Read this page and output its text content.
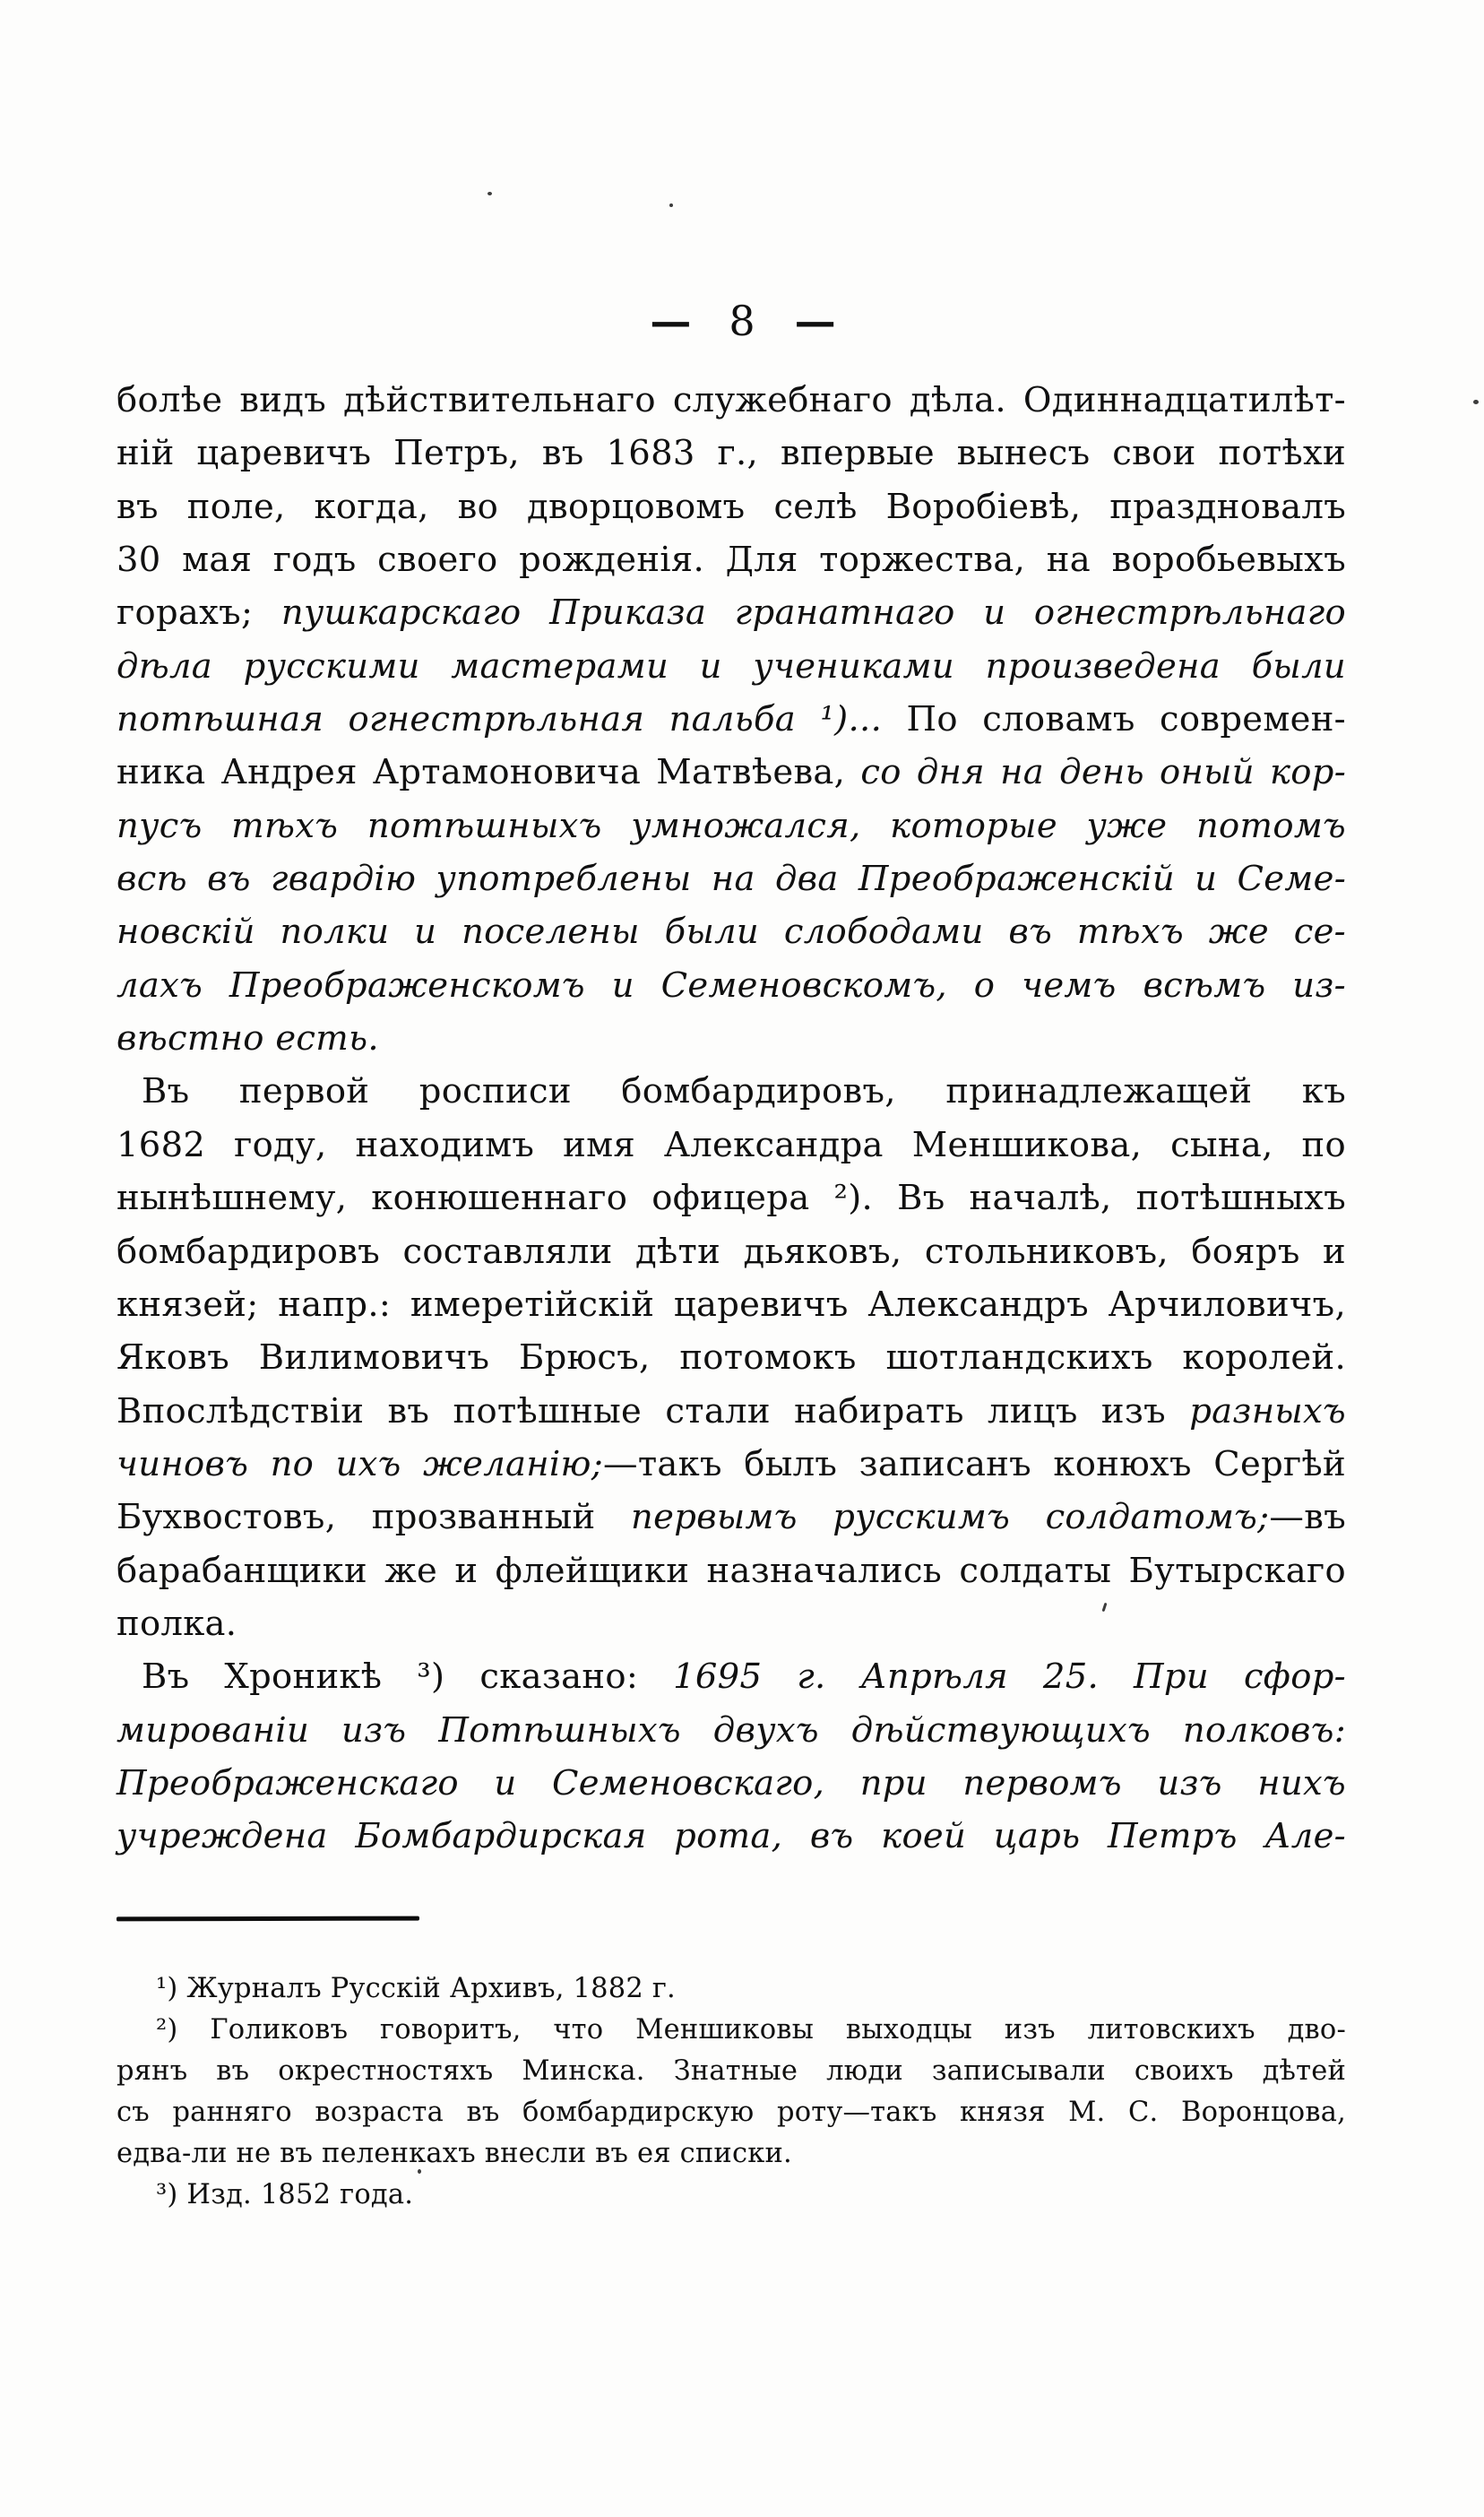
— 8 —
болѣе видъ дѣйствительнаго служебнаго дѣла. Одиннадцатилѣт-
ній царевичъ Петръ, въ 1683 г., впервые вынесъ свои потѣхи
въ поле, когда, во дворцовомъ селѣ Воробіевѣ, праздновалъ
30 мая годъ своего рожденія. Для торжества, на воробьевыхъ
горахъ; пушкарскаго Приказа гранатнаго и огнестрѣльнаго
дѣла русскими мастерами и учениками произведена были
потѣшная огнестрѣльная пальба ¹)... По словамъ современ-
ника Андрея Артамоновича Матвѣева, со дня на день оный кор-
пусъ тѣхъ потѣшныхъ умножался, которые уже потомъ
всѣ въ гвардію употреблены на два Преображенскій и Семе-
новскій полки и поселены были слободами въ тѣхъ же се-
лахъ Преображенскомъ и Семеновскомъ, о чемъ всѣмъ из-
вѣстно есть.
Въ первой росписи бомбардировъ, принадлежащей къ
1682 году, находимъ имя Александра Меншикова, сына, по
нынѣшнему, конюшеннаго офицера ²). Въ началѣ, потѣшныхъ
бомбардировъ составляли дѣти дьяковъ, стольниковъ, бояръ и
князей; напр.: имеретійскій царевичъ Александръ Арчиловичъ,
Яковъ Вилимовичъ Брюсъ, потомокъ шотландскихъ королей.
Впослѣдствіи въ потѣшные стали набирать лицъ изъ разныхъ
чиновъ по ихъ желанію;—такъ былъ записанъ конюхъ Сергѣй
Бухвостовъ, прозванный первымъ русскимъ солдатомъ;—въ
барабанщики же и флейщики назначались солдаты Бутырскаго
полка.
Въ Хроникѣ ³) сказано: 1695 г. Апрѣля 25. При сфор-
мированіи изъ Потѣшныхъ двухъ дѣйствующихъ полковъ:
Преображенскаго и Семеновскаго, при первомъ изъ нихъ
учреждена Бомбардирская рота, въ коей царь Петръ Але-
¹) Журналъ Русскій Архивъ, 1882 г.
²) Голиковъ говоритъ, что Меншиковы выходцы изъ литовскихъ дво-
рянъ въ окрестностяхъ Минска. Знатные люди записывали своихъ дѣтей
съ ранняго возраста въ бомбардирскую роту—такъ князя М. С. Воронцова,
едва-ли не въ пеленкахъ внесли въ ея списки.
³) Изд. 1852 года.
